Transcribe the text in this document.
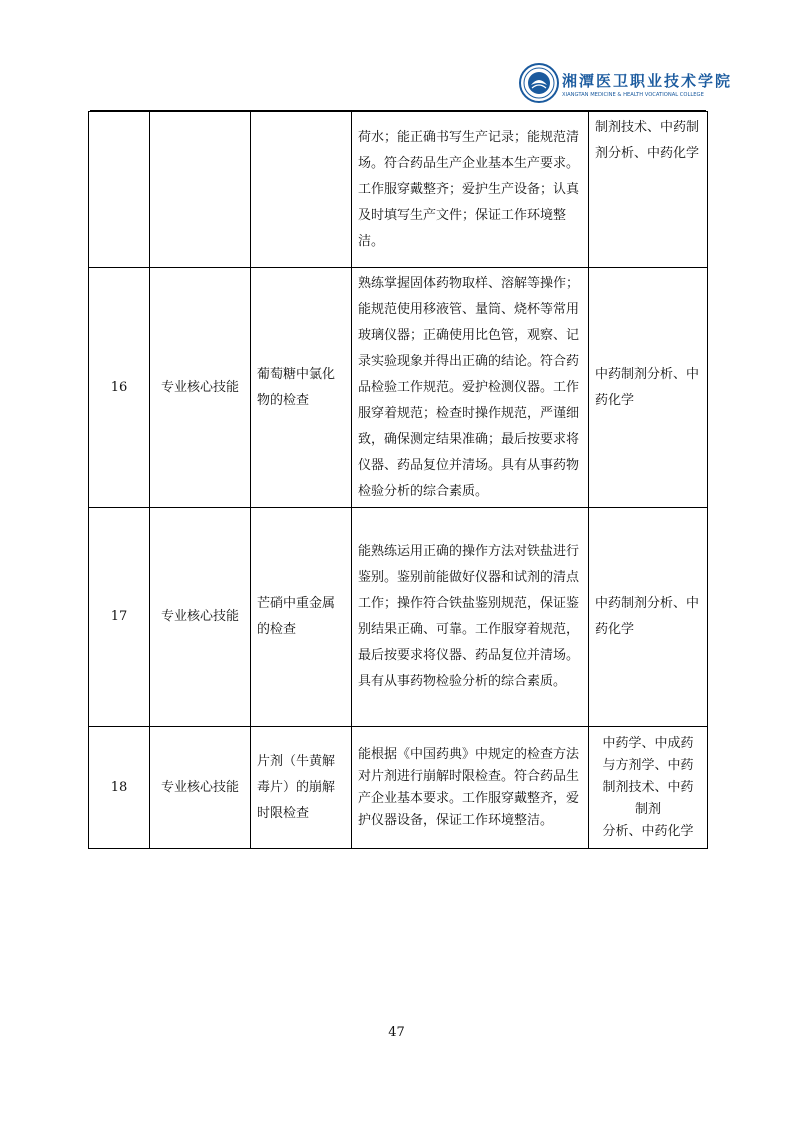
湘潭医卫职业技术学院
XIANGTAN MEDICINE & HEALTH VOCATIONAL COLLEGE
			荷水；能正确书写生产记录；能规范清场。符合药品生产企业基本生产要求。工作服穿戴整齐；爱护生产设备；认真及时填写生产文件；保证工作环境整洁。	制剂技术、中药制剂分析、中药化学
16	专业核心技能	葡萄糖中氯化物的检查	熟练掌握固体药物取样、溶解等操作；能规范使用移液管、量筒、烧杯等常用玻璃仪器；正确使用比色管，观察、记录实验现象并得出正确的结论。符合药品检验工作规范。爱护检测仪器。工作服穿着规范；检查时操作规范，严谨细致，确保测定结果准确；最后按要求将仪器、药品复位并清场。具有从事药物检验分析的综合素质。	中药制剂分析、中药化学
17	专业核心技能	芒硝中重金属的检查	能熟练运用正确的操作方法对铁盐进行鉴别。鉴别前能做好仪器和试剂的清点工作；操作符合铁盐鉴别规范，保证鉴别结果正确、可靠。工作服穿着规范，最后按要求将仪器、药品复位并清场。具有从事药物检验分析的综合素质。	中药制剂分析、中药化学
18	专业核心技能	片剂（牛黄解毒片）的崩解时限检查	能根据《中国药典》中规定的检查方法对片剂进行崩解时限检查。符合药品生产企业基本要求。工作服穿戴整齐，爱护仪器设备，保证工作环境整洁。	中药学、中成药
与方剂学、中药
制剂技术、中药
制剂
分析、中药化学
47
